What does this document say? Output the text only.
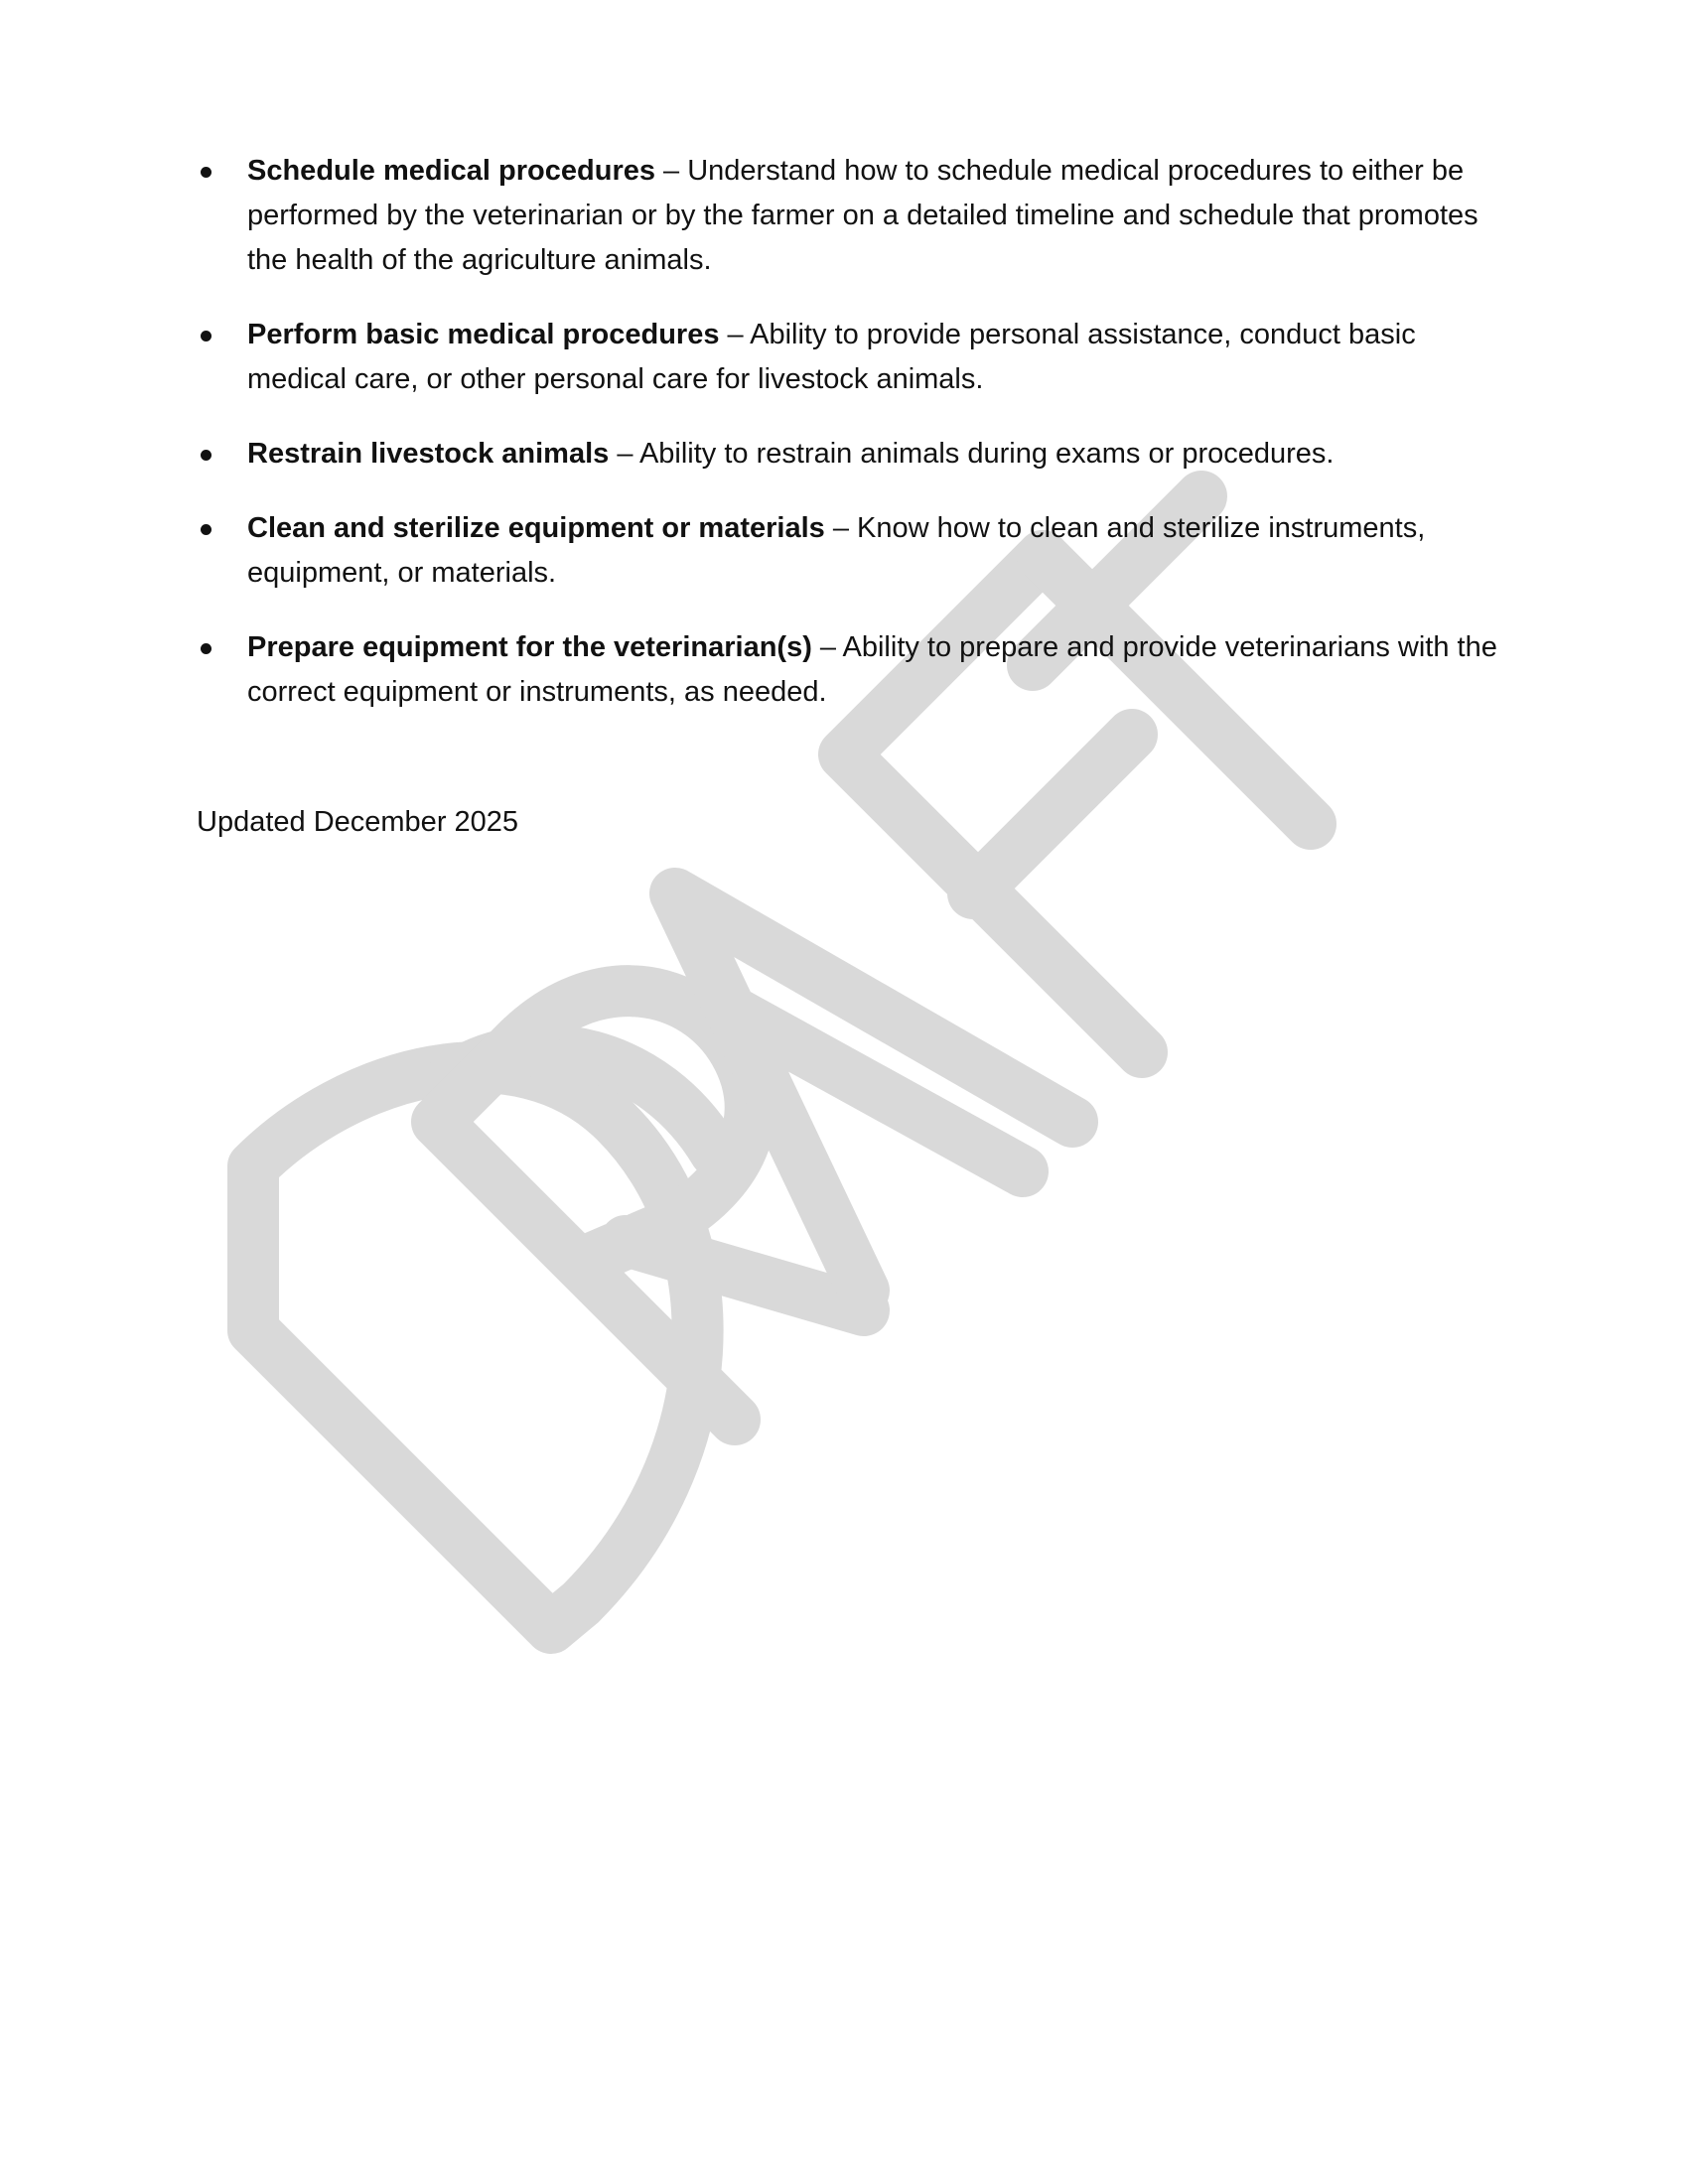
Schedule medical procedures – Understand how to schedule medical procedures to either be performed by the veterinarian or by the farmer on a detailed timeline and schedule that promotes the health of the agriculture animals.
Perform basic medical procedures – Ability to provide personal assistance, conduct basic medical care, or other personal care for livestock animals.
Restrain livestock animals – Ability to restrain animals during exams or procedures.
Clean and sterilize equipment or materials – Know how to clean and sterilize instruments, equipment, or materials.
Prepare equipment for the veterinarian(s) – Ability to prepare and provide veterinarians with the correct equipment or instruments, as needed.
Updated December 2025
